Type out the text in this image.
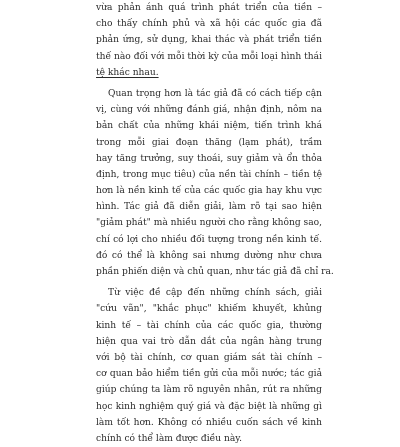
vừa phản ánh quá trình phát triển của tiền –
cho thấy chính phủ và xã hội các quốc gia đã
phản ứng, sử dụng, khai thác và phát triển tiền
thế nào đối với mỗi thời kỳ của mỗi loại hình thái
tệ khác nhau.
Quan trọng hơn là tác giả đã có cách tiếp cận
vị, cùng với những đánh giá, nhận định, nôm na
bản chất của những khái niệm, tiến trình khá
trong mỗi giai đoạn thăng (lạm phát), trầm
hay tăng trưởng, suy thoái, suy giảm và ổn thỏa
định, trong mục tiêu) của nền tài chính – tiền tệ
hơn là nền kinh tế của các quốc gia hay khu vực
hình. Tác giả đã diễn giải, làm rõ tại sao hiện
"giảm phát" mà nhiều người cho rằng không sao,
chí có lợi cho nhiều đối tượng trong nền kinh tế.
đó có thể là không sai nhưng dường như chưa
phần phiến diện và chủ quan, như tác giả đã chỉ ra.
Từ việc đề cập đến những chính sách, giải
"cứu vãn", "khắc phục" khiếm khuyết, khủng
kinh tế – tài chính của các quốc gia, thường
hiện qua vai trò dẫn dắt của ngân hàng trung
với bộ tài chính, cơ quan giám sát tài chính –
cơ quan bảo hiểm tiền gửi của mỗi nước; tác giả
giúp chúng ta làm rõ nguyên nhân, rút ra những
học kinh nghiệm quý giá và đặc biệt là những gì
làm tốt hơn. Không có nhiều cuốn sách về kinh
chính có thể làm được điều này.
